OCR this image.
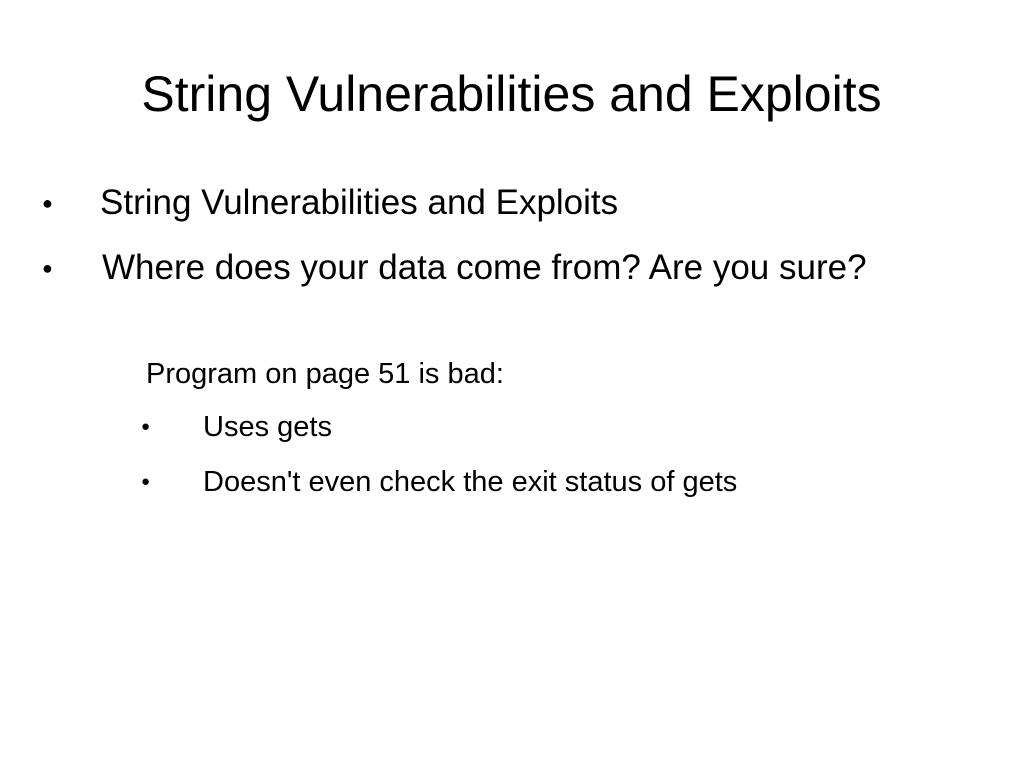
String Vulnerabilities and Exploits
●	String Vulnerabilities and Exploits
●	Where does your data come from? Are you sure?
Program on page 51 is bad:
●	Uses gets
●	Doesn't even check the exit status of gets
